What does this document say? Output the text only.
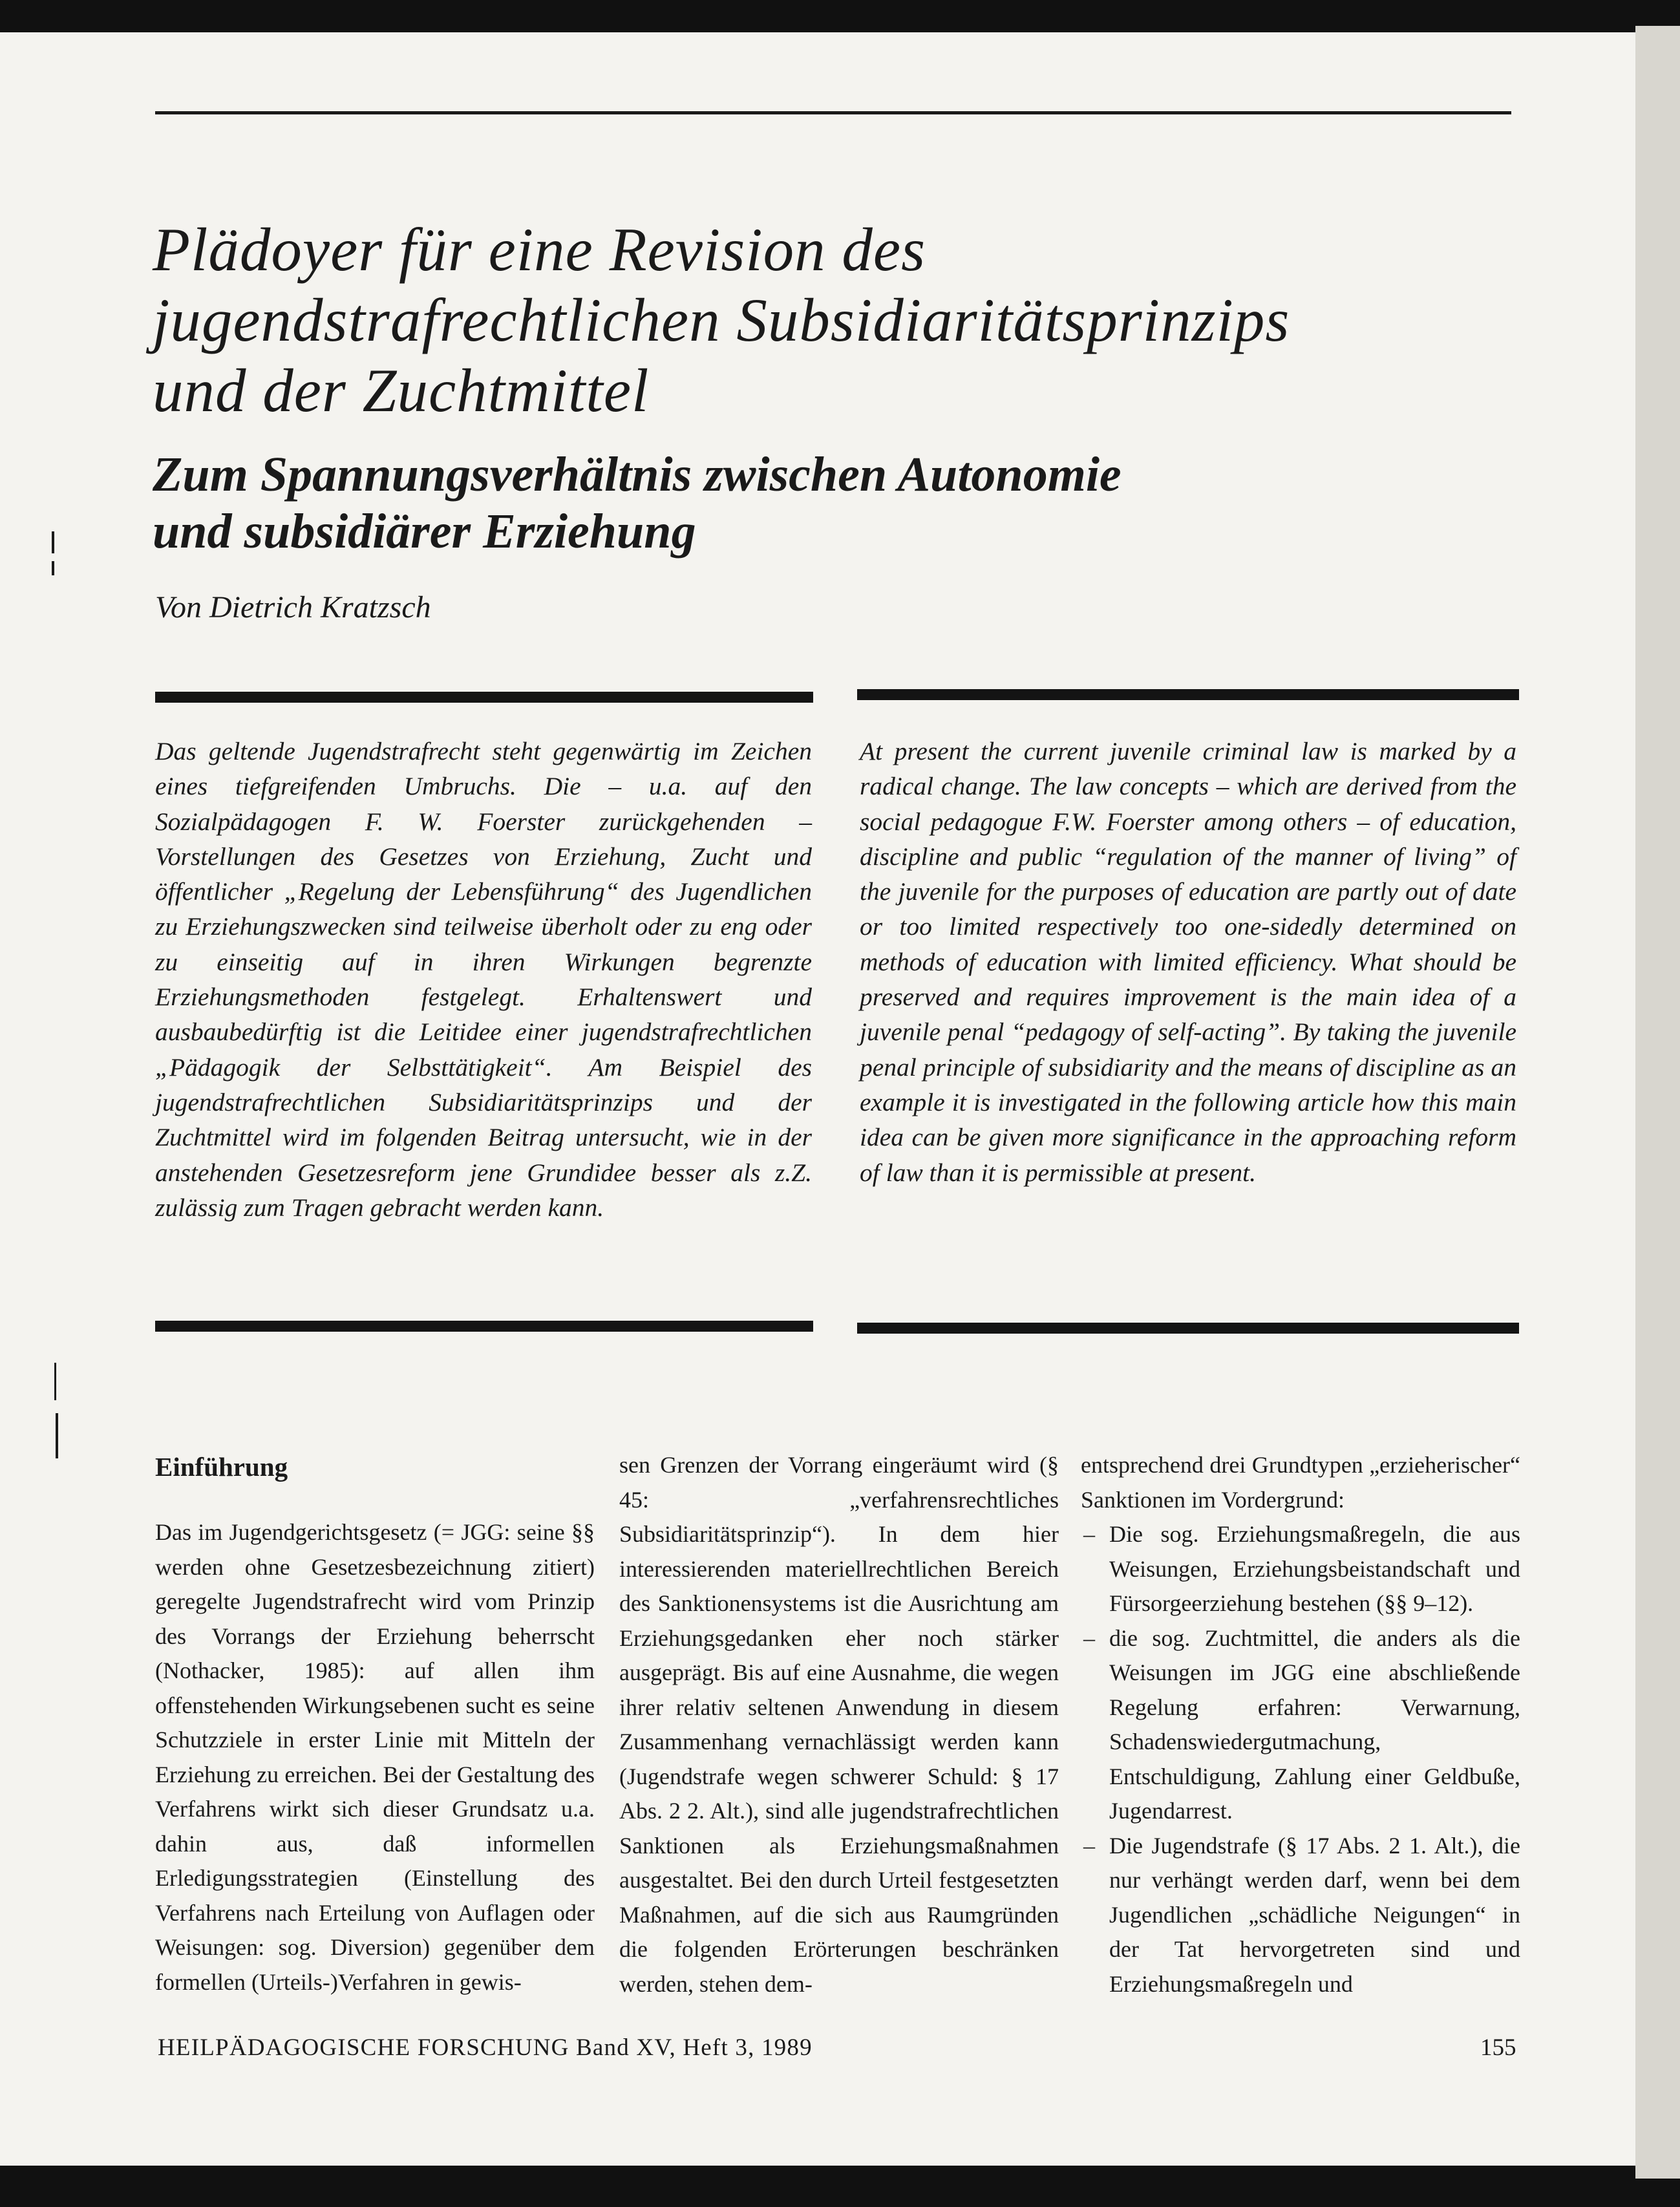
Plädoyer für eine Revision des
jugendstrafrechtlichen Subsidiaritätsprinzips
und der Zuchtmittel
Zum Spannungsverhältnis zwischen Autonomie
und subsidiärer Erziehung
Von Dietrich Kratzsch

Das geltende Jugendstrafrecht steht gegenwärtig im Zeichen eines tiefgreifenden Umbruchs. Die – u.a. auf den Sozialpädagogen F. W. Foerster zurückgehenden – Vorstellungen des Gesetzes von Erziehung, Zucht und öffentlicher „Regelung der Lebensführung“ des Jugendlichen zu Erziehungszwecken sind teilweise überholt oder zu eng oder zu einseitig auf in ihren Wirkungen begrenzte Erziehungsmethoden festgelegt. Erhaltenswert und ausbaubedürftig ist die Leitidee einer jugendstrafrechtlichen „Pädagogik der Selbsttätigkeit“. Am Beispiel des jugendstrafrechtlichen Subsidiaritätsprinzips und der Zuchtmittel wird im folgenden Beitrag untersucht, wie in der anstehenden Gesetzesreform jene Grundidee besser als z.Z. zulässig zum Tragen gebracht werden kann.

At present the current juvenile criminal law is marked by a radical change. The law concepts – which are derived from the social pedagogue F.W. Foerster among others – of education, discipline and public “regulation of the manner of living” of the juvenile for the purposes of education are partly out of date or too limited respectively too one-sidedly determined on methods of education with limited efficiency. What should be preserved and requires improvement is the main idea of a juvenile penal “pedagogy of self-acting”. By taking the juvenile penal principle of subsidiarity and the means of discipline as an example it is investigated in the following article how this main idea can be given more significance in the approaching reform of law than it is permissible at present.

Einführung

Das im Jugendgerichtsgesetz (= JGG: seine §§ werden ohne Gesetzesbezeichnung zitiert) geregelte Jugendstrafrecht wird vom Prinzip des Vorrangs der Erziehung beherrscht (Nothacker, 1985): auf allen ihm offenstehenden Wirkungsebenen sucht es seine Schutzziele in erster Linie mit Mitteln der Erziehung zu erreichen. Bei der Gestaltung des Verfahrens wirkt sich dieser Grundsatz u.a. dahin aus, daß informellen Erledigungsstrategien (Einstellung des Verfahrens nach Erteilung von Auflagen oder Weisungen: sog. Diversion) gegenüber dem formellen (Urteils-)Verfahren in gewis-

sen Grenzen der Vorrang eingeräumt wird (§ 45: „verfahrensrechtliches Subsidiaritätsprinzip“). In dem hier interessierenden materiellrechtlichen Bereich des Sanktionensystems ist die Ausrichtung am Erziehungsgedanken eher noch stärker ausgeprägt. Bis auf eine Ausnahme, die wegen ihrer relativ seltenen Anwendung in diesem Zusammenhang vernachlässigt werden kann (Jugendstrafe wegen schwerer Schuld: § 17 Abs. 2 2. Alt.), sind alle jugendstrafrechtlichen Sanktionen als Erziehungsmaßnahmen ausgestaltet. Bei den durch Urteil festgesetzten Maßnahmen, auf die sich aus Raumgründen die folgenden Erörterungen beschränken werden, stehen dem-

entsprechend drei Grundtypen „erzieherischer“ Sanktionen im Vordergrund:
– Die sog. Erziehungsmaßregeln, die aus Weisungen, Erziehungsbeistandschaft und Fürsorgeerziehung bestehen (§§ 9–12).
– die sog. Zuchtmittel, die anders als die Weisungen im JGG eine abschließende Regelung erfahren: Verwarnung, Schadenswiedergutmachung, Entschuldigung, Zahlung einer Geldbuße, Jugendarrest.
– Die Jugendstrafe (§ 17 Abs. 2 1. Alt.), die nur verhängt werden darf, wenn bei dem Jugendlichen „schädliche Neigungen“ in der Tat hervorgetreten sind und Erziehungsmaßregeln und
HEILPÄDAGOGISCHE FORSCHUNG Band XV, Heft 3, 1989	155
